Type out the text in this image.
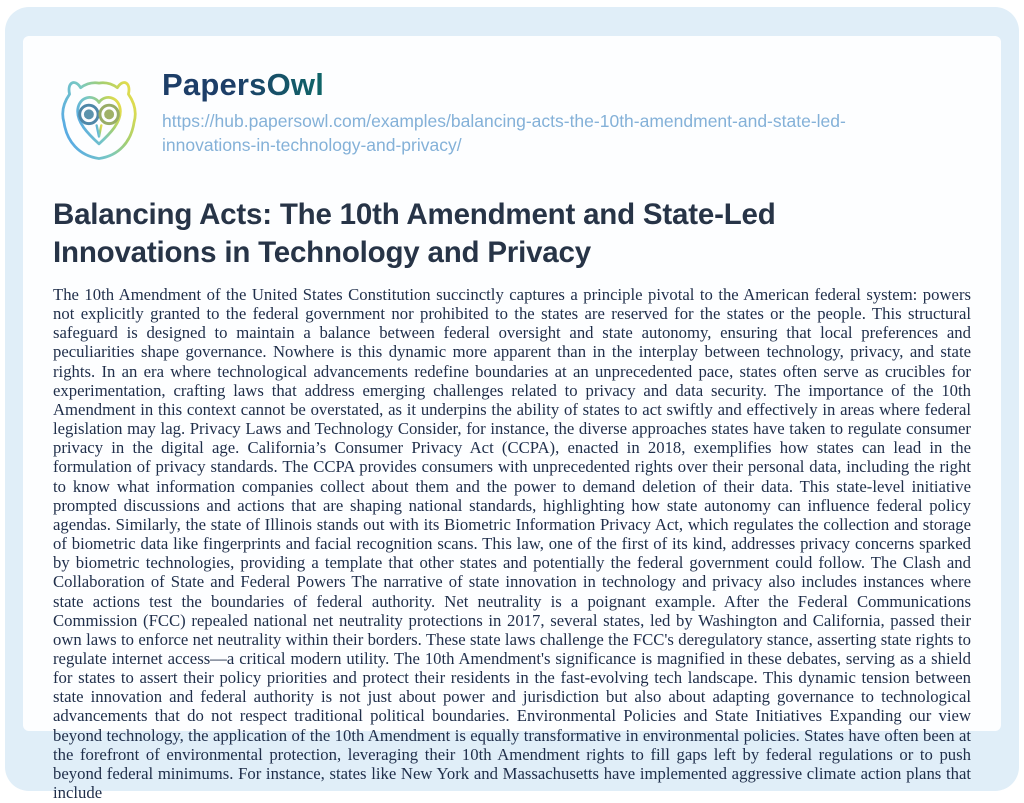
PapersOwl
https://hub.papersowl.com/examples/balancing-acts-the-10th-amendment-and-state-led-innovations-in-technology-and-privacy/
Balancing Acts: The 10th Amendment and State-Led Innovations in Technology and Privacy

The 10th Amendment of the United States Constitution succinctly captures a principle pivotal to the American federal system: powers not explicitly granted to the federal government nor prohibited to the states are reserved for the states or the people. This structural safeguard is designed to maintain a balance between federal oversight and state autonomy, ensuring that local preferences and peculiarities shape governance. Nowhere is this dynamic more apparent than in the interplay between technology, privacy, and state rights. In an era where technological advancements redefine boundaries at an unprecedented pace, states often serve as crucibles for experimentation, crafting laws that address emerging challenges related to privacy and data security. The importance of the 10th Amendment in this context cannot be overstated, as it underpins the ability of states to act swiftly and effectively in areas where federal legislation may lag. Privacy Laws and Technology Consider, for instance, the diverse approaches states have taken to regulate consumer privacy in the digital age. California’s Consumer Privacy Act (CCPA), enacted in 2018, exemplifies how states can lead in the formulation of privacy standards. The CCPA provides consumers with unprecedented rights over their personal data, including the right to know what information companies collect about them and the power to demand deletion of their data. This state-level initiative prompted discussions and actions that are shaping national standards, highlighting how state autonomy can influence federal policy agendas. Similarly, the state of Illinois stands out with its Biometric Information Privacy Act, which regulates the collection and storage of biometric data like fingerprints and facial recognition scans. This law, one of the first of its kind, addresses privacy concerns sparked by biometric technologies, providing a template that other states and potentially the federal government could follow. The Clash and Collaboration of State and Federal Powers The narrative of state innovation in technology and privacy also includes instances where state actions test the boundaries of federal authority. Net neutrality is a poignant example. After the Federal Communications Commission (FCC) repealed national net neutrality protections in 2017, several states, led by Washington and California, passed their own laws to enforce net neutrality within their borders. These state laws challenge the FCC's deregulatory stance, asserting state rights to regulate internet access—a critical modern utility. The 10th Amendment's significance is magnified in these debates, serving as a shield for states to assert their policy priorities and protect their residents in the fast-evolving tech landscape. This dynamic tension between state innovation and federal authority is not just about power and jurisdiction but also about adapting governance to technological advancements that do not respect traditional political boundaries. Environmental Policies and State Initiatives Expanding our view beyond technology, the application of the 10th Amendment is equally transformative in environmental policies. States have often been at the forefront of environmental protection, leveraging their 10th Amendment rights to fill gaps left by federal regulations or to push beyond federal minimums. For instance, states like New York and Massachusetts have implemented aggressive climate action plans that include
